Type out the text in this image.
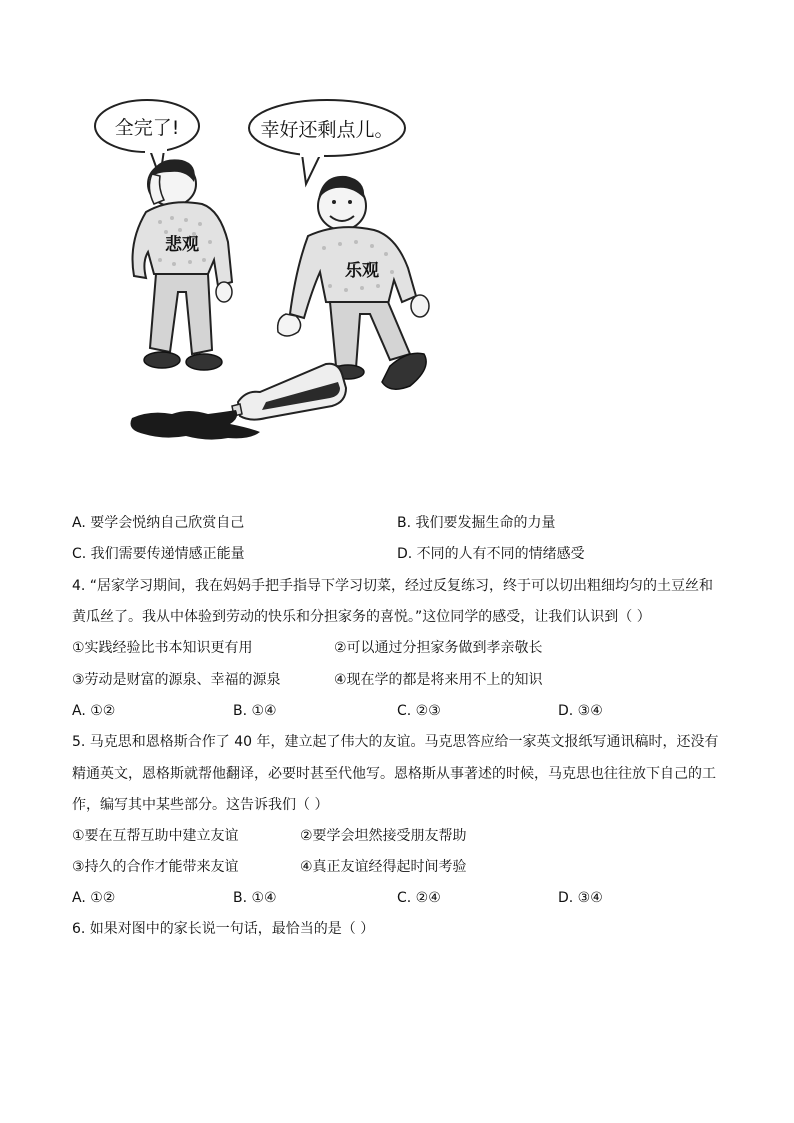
全完了!	幸好还剩点儿。
悲观
乐观
A. 要学会悦纳自己欣赏自己	B. 我们要发掘生命的力量
C. 我们需要传递情感正能量	D. 不同的人有不同的情绪感受
4. “居家学习期间，我在妈妈手把手指导下学习切菜，经过反复练习，终于可以切出粗细均匀的土豆丝和
黄瓜丝了。我从中体验到劳动的快乐和分担家务的喜悦。”这位同学的感受，让我们认识到（ ）
①实践经验比书本知识更有用	②可以通过分担家务做到孝亲敬长
③劳动是财富的源泉、幸福的源泉	④现在学的都是将来用不上的知识
A. ①②	B. ①④	C. ②③	D. ③④
5. 马克思和恩格斯合作了 40 年，建立起了伟大的友谊。马克思答应给一家英文报纸写通讯稿时，还没有
精通英文，恩格斯就帮他翻译，必要时甚至代他写。恩格斯从事著述的时候，马克思也往往放下自己的工
作，编写其中某些部分。这告诉我们（ ）
①要在互帮互助中建立友谊	②要学会坦然接受朋友帮助
③持久的合作才能带来友谊	④真正友谊经得起时间考验
A. ①②	B. ①④	C. ②④	D. ③④
6. 如果对图中的家长说一句话，最恰当的是（ ）
